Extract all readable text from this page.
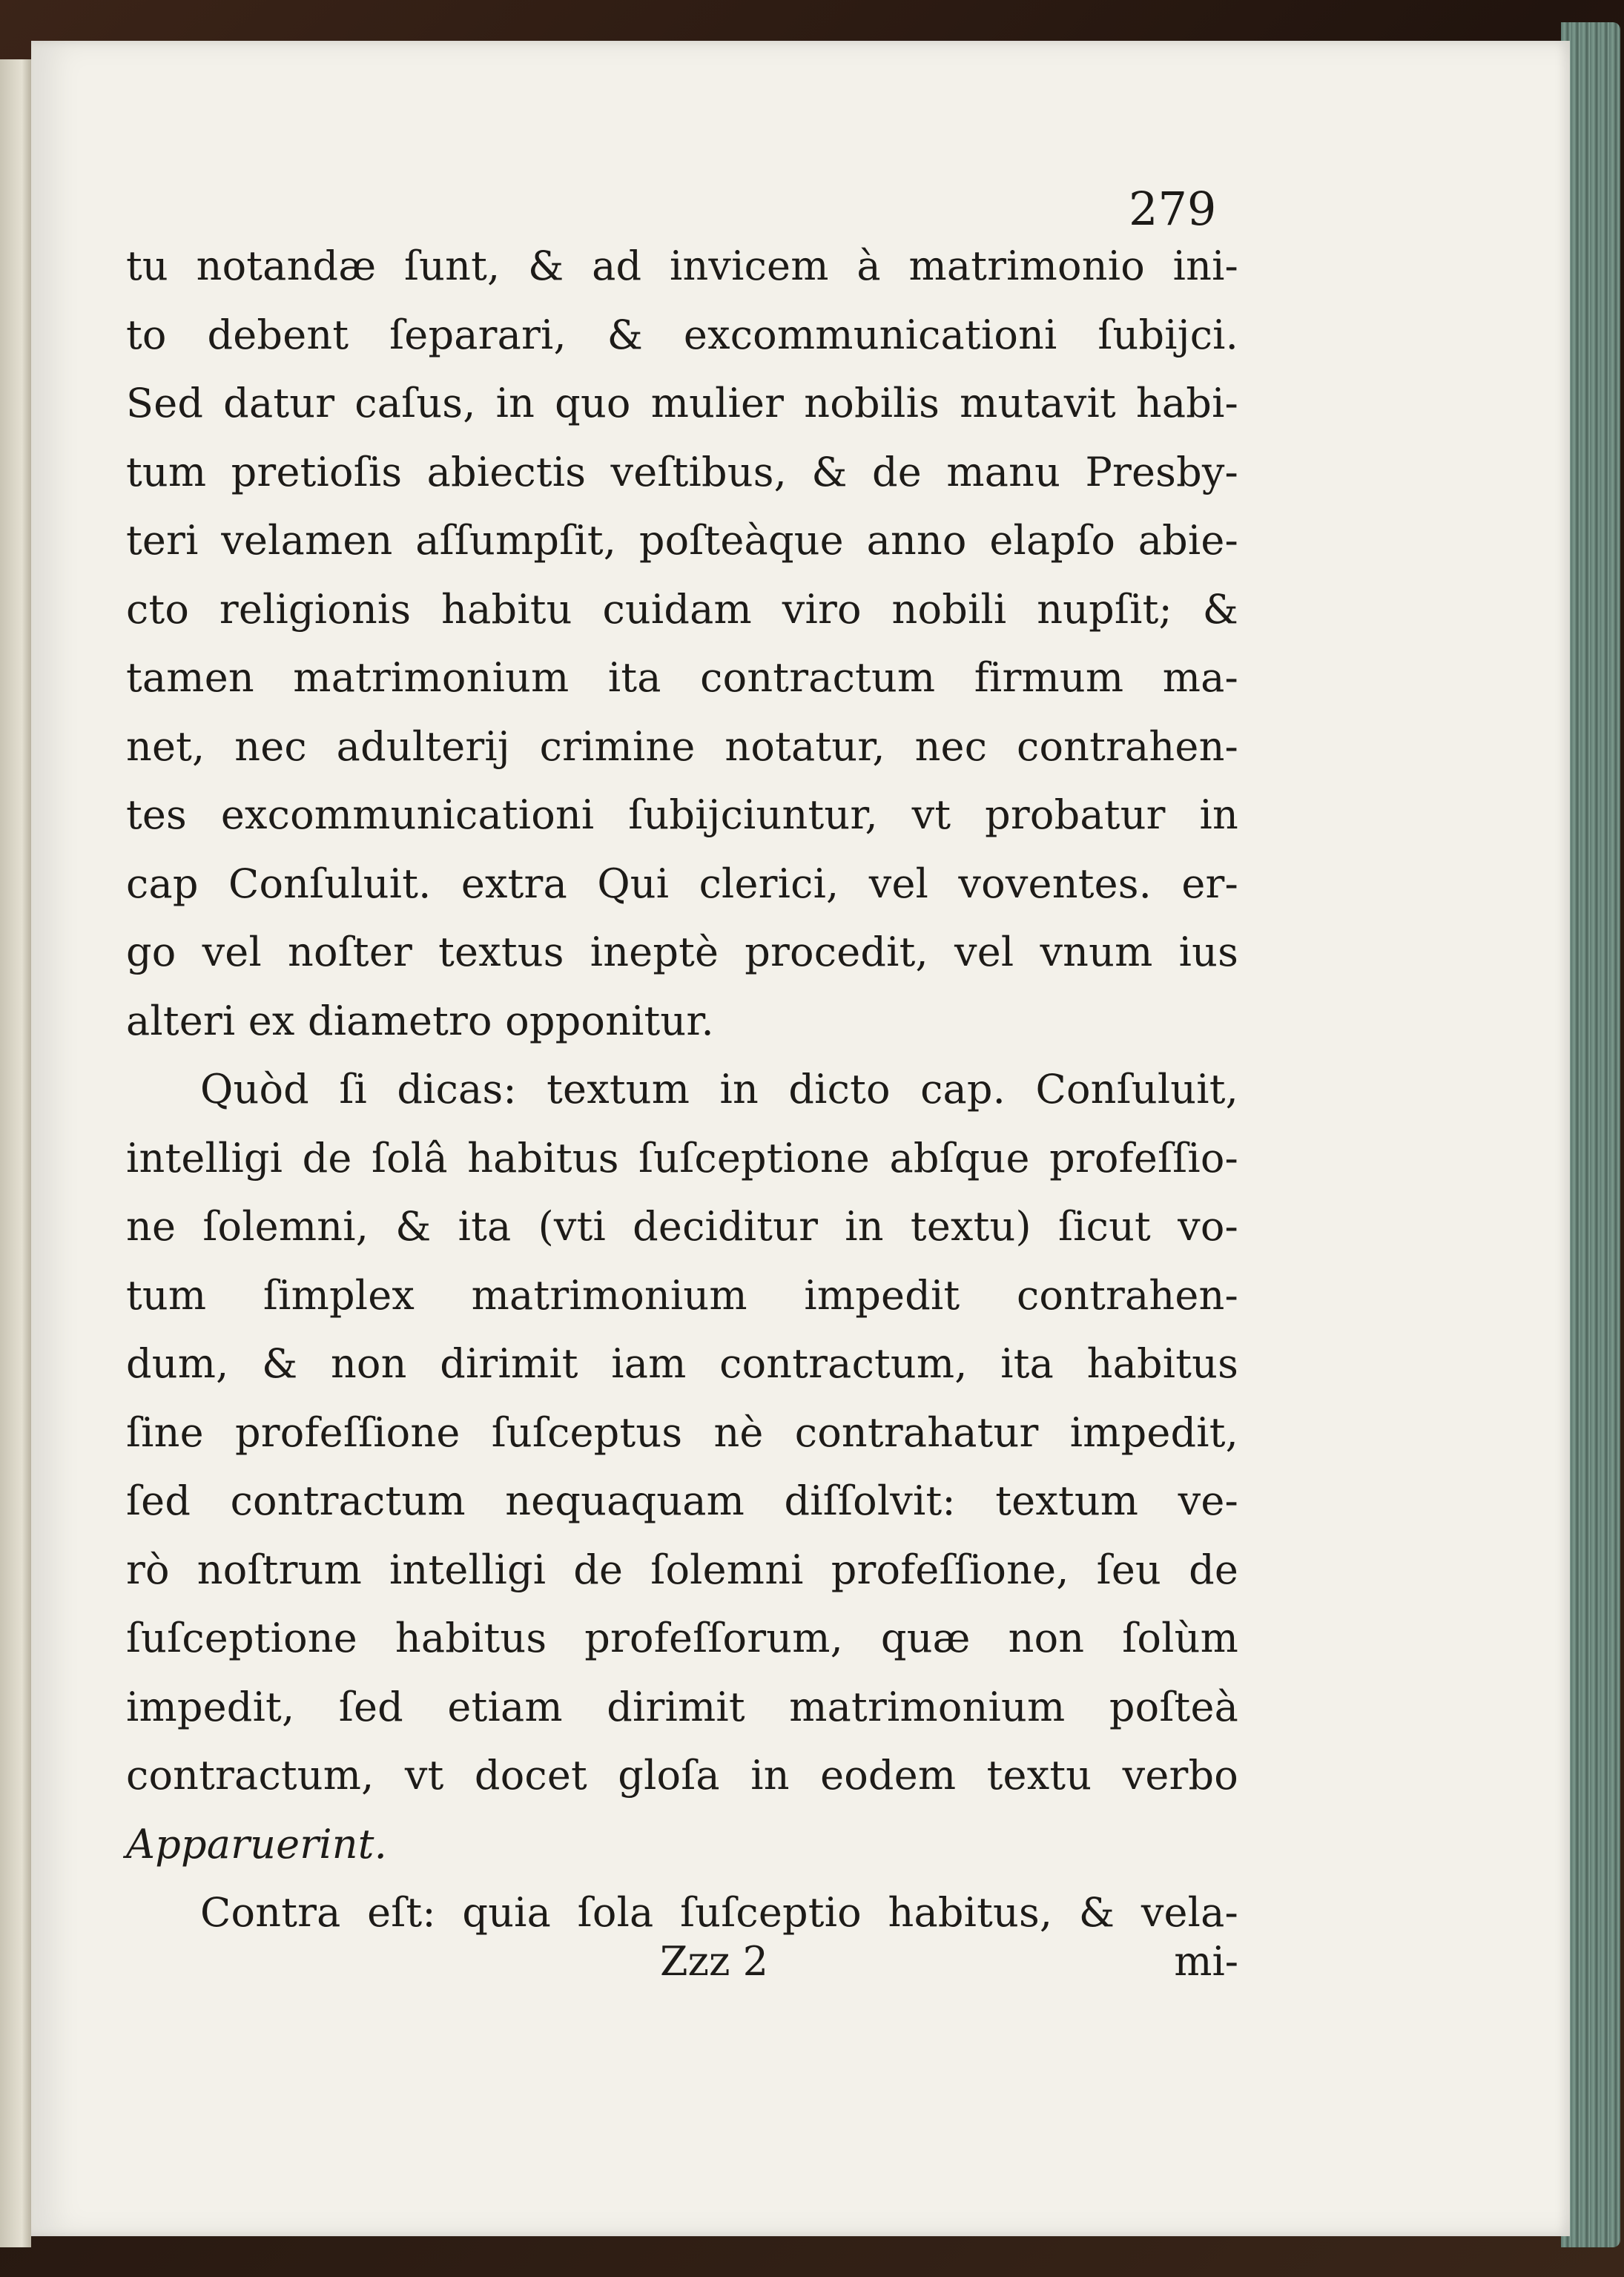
279
tu notandæ ſunt, & ad invicem à matrimonio ini-
to debent ſeparari, & excommunicationi ſubijci.
Sed datur caſus, in quo mulier nobilis mutavit habi-
tum pretioſis abiectis veſtibus, & de manu Presby-
teri velamen aſſumpſit, poſteàque anno elapſo abie-
cto religionis habitu cuidam viro nobili nupſit; &
tamen matrimonium ita contractum firmum ma-
net, nec adulterij crimine notatur, nec contrahen-
tes excommunicationi ſubijciuntur, vt probatur in
cap Conſuluit. extra Qui clerici, vel voventes. er-
go vel noſter textus ineptè procedit, vel vnum ius
alteri ex diametro opponitur.
Quòd ſi dicas: textum in dicto cap. Conſuluit,
intelligi de ſolâ habitus ſuſceptione abſque profeſſio-
ne ſolemni, & ita (vti deciditur in textu) ſicut vo-
tum ſimplex matrimonium impedit contrahen-
dum, & non dirimit iam contractum, ita habitus
ſine profeſſione ſuſceptus nè contrahatur impedit,
ſed contractum nequaquam diſſolvit: textum ve-
rò noſtrum intelligi de ſolemni profeſſione, ſeu de
ſuſceptione habitus profeſſorum, quæ non ſolùm
impedit, ſed etiam dirimit matrimonium poſteà
contractum, vt docet gloſa in eodem textu verbo
Apparuerint.
Contra eſt: quia ſola ſuſceptio habitus, & vela-
Zzz 2	mi-
